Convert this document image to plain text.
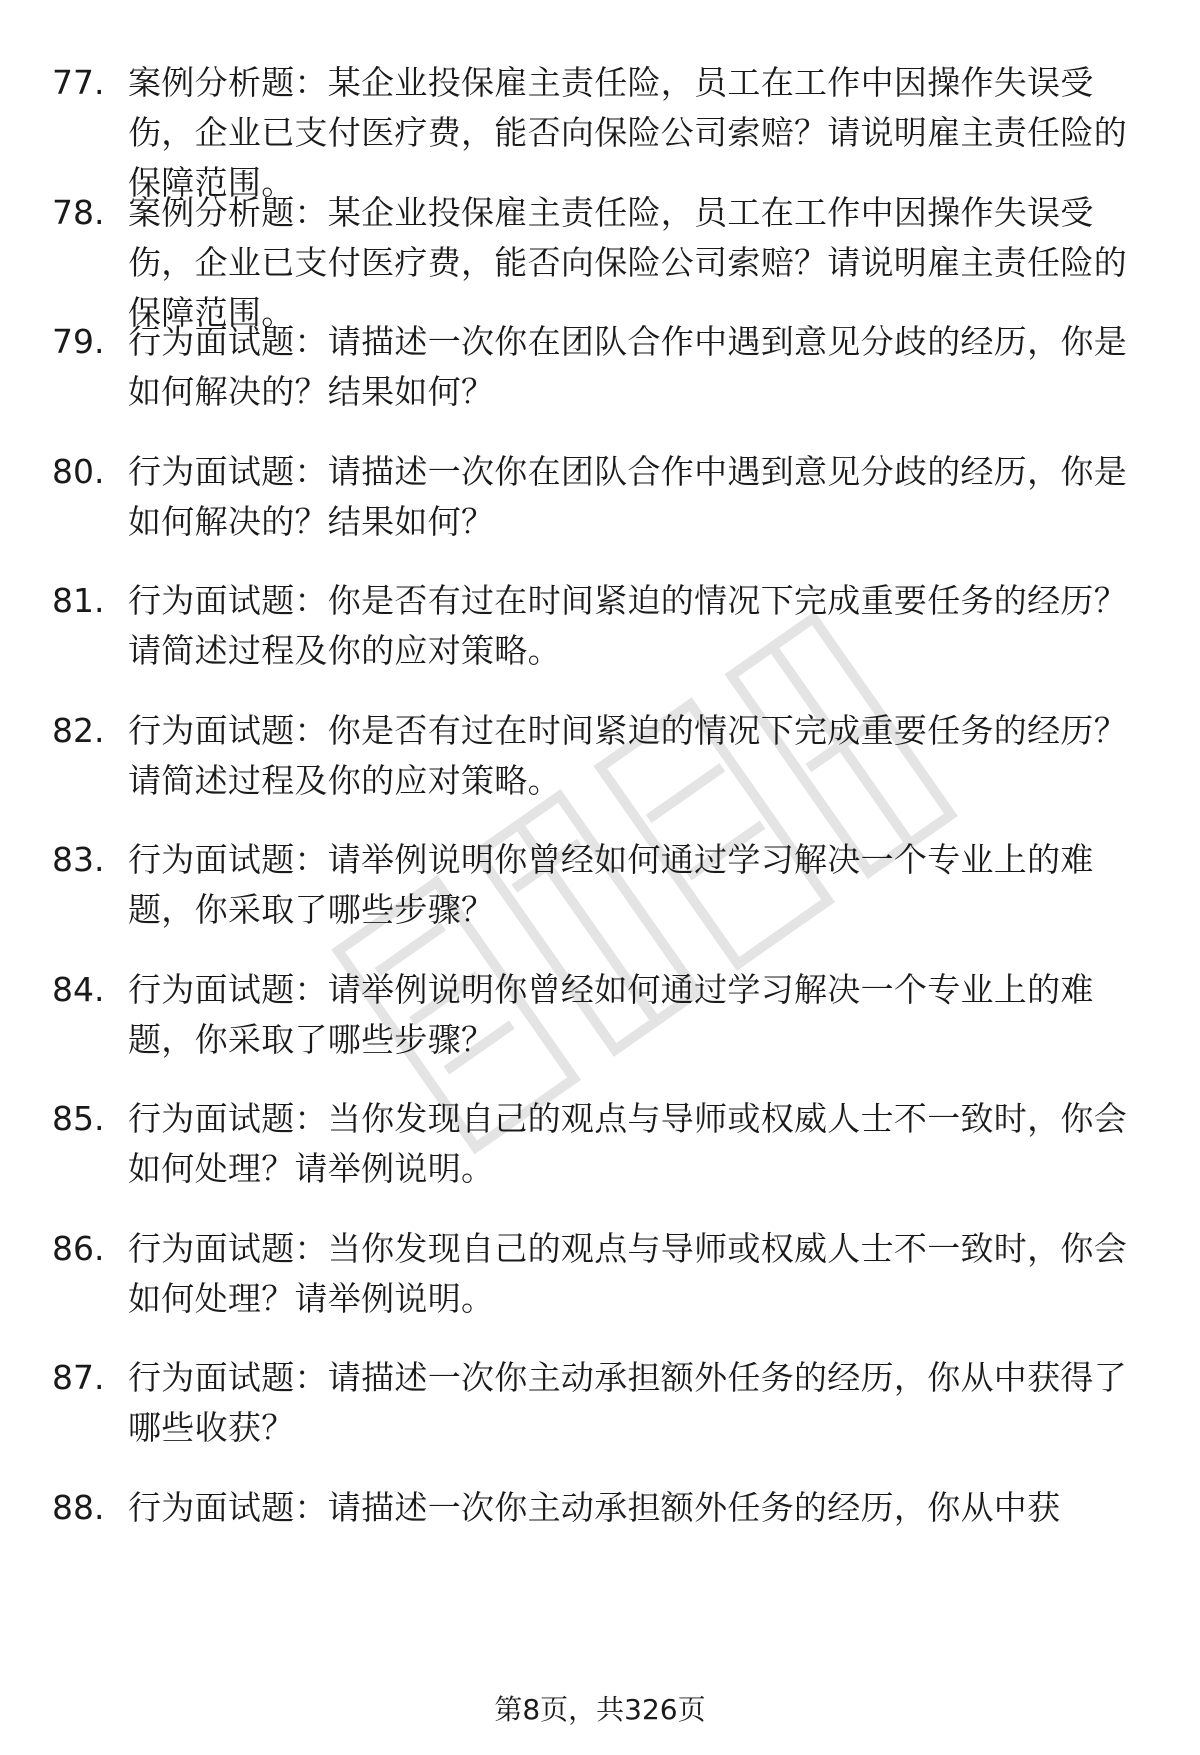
77. 案例分析题：某企业投保雇主责任险，员工在工作中因操作失误受伤，企业已支付医疗费，能否向保险公司索赔？请说明雇主责任险的保障范围。
78. 案例分析题：某企业投保雇主责任险，员工在工作中因操作失误受伤，企业已支付医疗费，能否向保险公司索赔？请说明雇主责任险的保障范围。
79. 行为面试题：请描述一次你在团队合作中遇到意见分歧的经历，你是如何解决的？结果如何？
80. 行为面试题：请描述一次你在团队合作中遇到意见分歧的经历，你是如何解决的？结果如何？
81. 行为面试题：你是否有过在时间紧迫的情况下完成重要任务的经历？请简述过程及你的应对策略。
82. 行为面试题：你是否有过在时间紧迫的情况下完成重要任务的经历？请简述过程及你的应对策略。
83. 行为面试题：请举例说明你曾经如何通过学习解决一个专业上的难题，你采取了哪些步骤？
84. 行为面试题：请举例说明你曾经如何通过学习解决一个专业上的难题，你采取了哪些步骤？
85. 行为面试题：当你发现自己的观点与导师或权威人士不一致时，你会如何处理？请举例说明。
86. 行为面试题：当你发现自己的观点与导师或权威人士不一致时，你会如何处理？请举例说明。
87. 行为面试题：请描述一次你主动承担额外任务的经历，你从中获得了哪些收获？
88. 行为面试题：请描述一次你主动承担额外任务的经历，你从中获
第8页，共326页
